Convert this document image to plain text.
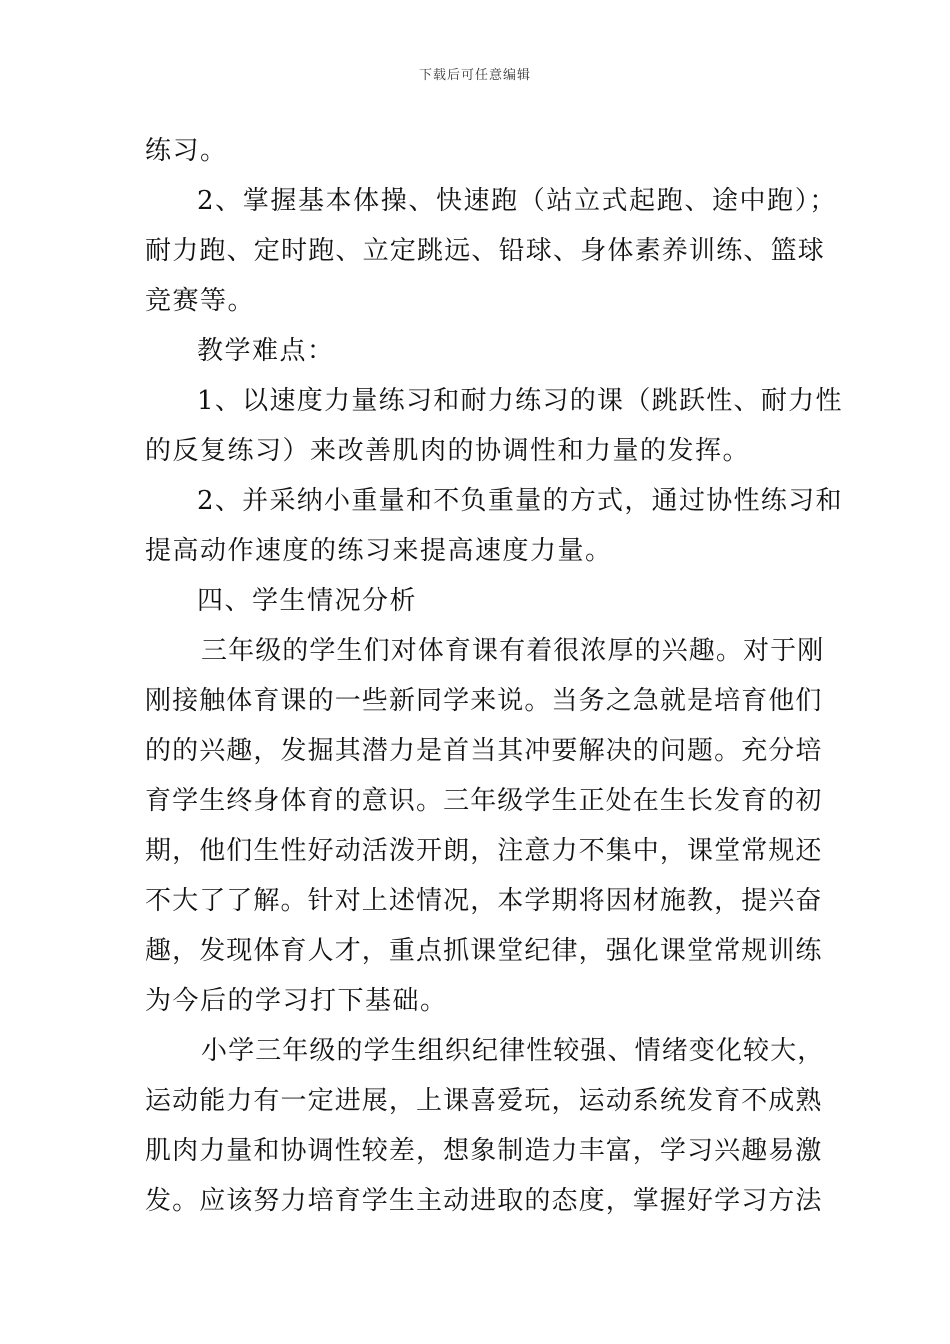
下载后可任意编辑
练习。
2、掌握基本体操、快速跑（站立式起跑、途中跑）；
耐力跑、定时跑、立定跳远、铅球、身体素养训练、篮球
竞赛等。
教学难点：
1、以速度力量练习和耐力练习的课（跳跃性、耐力性
的反复练习）来改善肌肉的协调性和力量的发挥。
2、并采纳小重量和不负重量的方式，通过协性练习和
提高动作速度的练习来提高速度力量。
四、学生情况分析
三年级的学生们对体育课有着很浓厚的兴趣。对于刚
刚接触体育课的一些新同学来说。当务之急就是培育他们
的的兴趣，发掘其潜力是首当其冲要解决的问题。充分培
育学生终身体育的意识。三年级学生正处在生长发育的初
期，他们生性好动活泼开朗，注意力不集中，课堂常规还
不大了了解。针对上述情况，本学期将因材施教，提兴奋
趣，发现体育人才，重点抓课堂纪律，强化课堂常规训练
为今后的学习打下基础。
小学三年级的学生组织纪律性较强、情绪变化较大，
运动能力有一定进展，上课喜爱玩，运动系统发育不成熟
肌肉力量和协调性较差，想象制造力丰富，学习兴趣易激
发。应该努力培育学生主动进取的态度，掌握好学习方法
